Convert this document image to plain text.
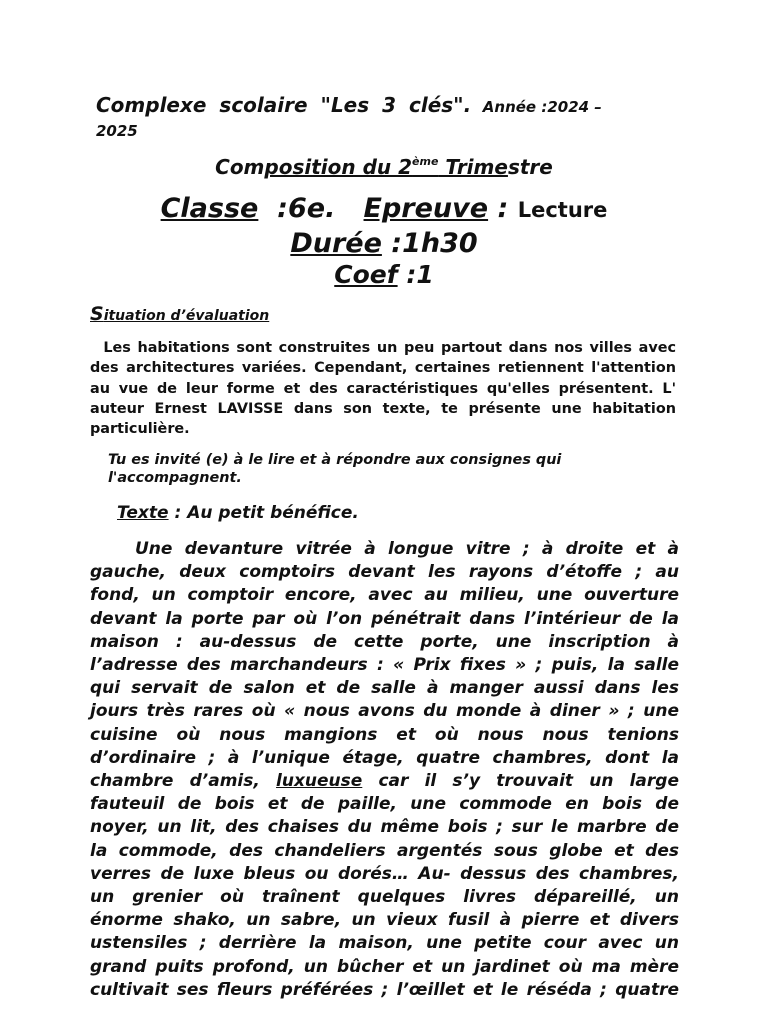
Complexe scolaire "Les 3 clés". Année :2024 –
2025
Composition du 2ème Trimestre
Classe :6e. Epreuve : Lecture
Durée :1h30
Coef :1
Situation d’évaluation
Les habitations sont construites un peu partout dans nos villes avec des architectures variées. Cependant, certaines retiennent l'attention au vue de leur forme et des caractéristiques qu'elles présentent. L' auteur Ernest LAVISSE dans son texte, te présente une habitation particulière.
Tu es invité (e) à le lire et à répondre aux consignes qui l'accompagnent.
Texte : Au petit bénéfice.
Une devanture vitrée à longue vitre ; à droite et à
gauche, deux comptoirs devant les rayons d’étoffe ; au
fond, un comptoir encore, avec au milieu, une ouverture
devant la porte par où l’on pénétrait dans l’intérieur de la
maison : au-dessus de cette porte, une inscription à
l’adresse des marchandeurs : « Prix fixes » ; puis, la salle
qui servait de salon et de salle à manger aussi dans les
jours très rares où « nous avons du monde à diner » ; une
cuisine où nous mangions et où nous nous tenions
d’ordinaire ; à l’unique étage, quatre chambres, dont la
chambre d’amis, luxueuse car il s’y trouvait un large
fauteuil de bois et de paille, une commode en bois de
noyer, un lit, des chaises du même bois ; sur le marbre de
la commode, des chandeliers argentés sous globe et des
verres de luxe bleus ou dorés… Au- dessus des chambres,
un grenier où traînent quelques livres dépareillé, un
énorme shako, un sabre, un vieux fusil à pierre et divers
ustensiles ; derrière la maison, une petite cour avec un
grand puits profond, un bûcher et un jardinet où ma mère
cultivait ses fleurs préférées ; l’œillet et le réséda ; quatre
